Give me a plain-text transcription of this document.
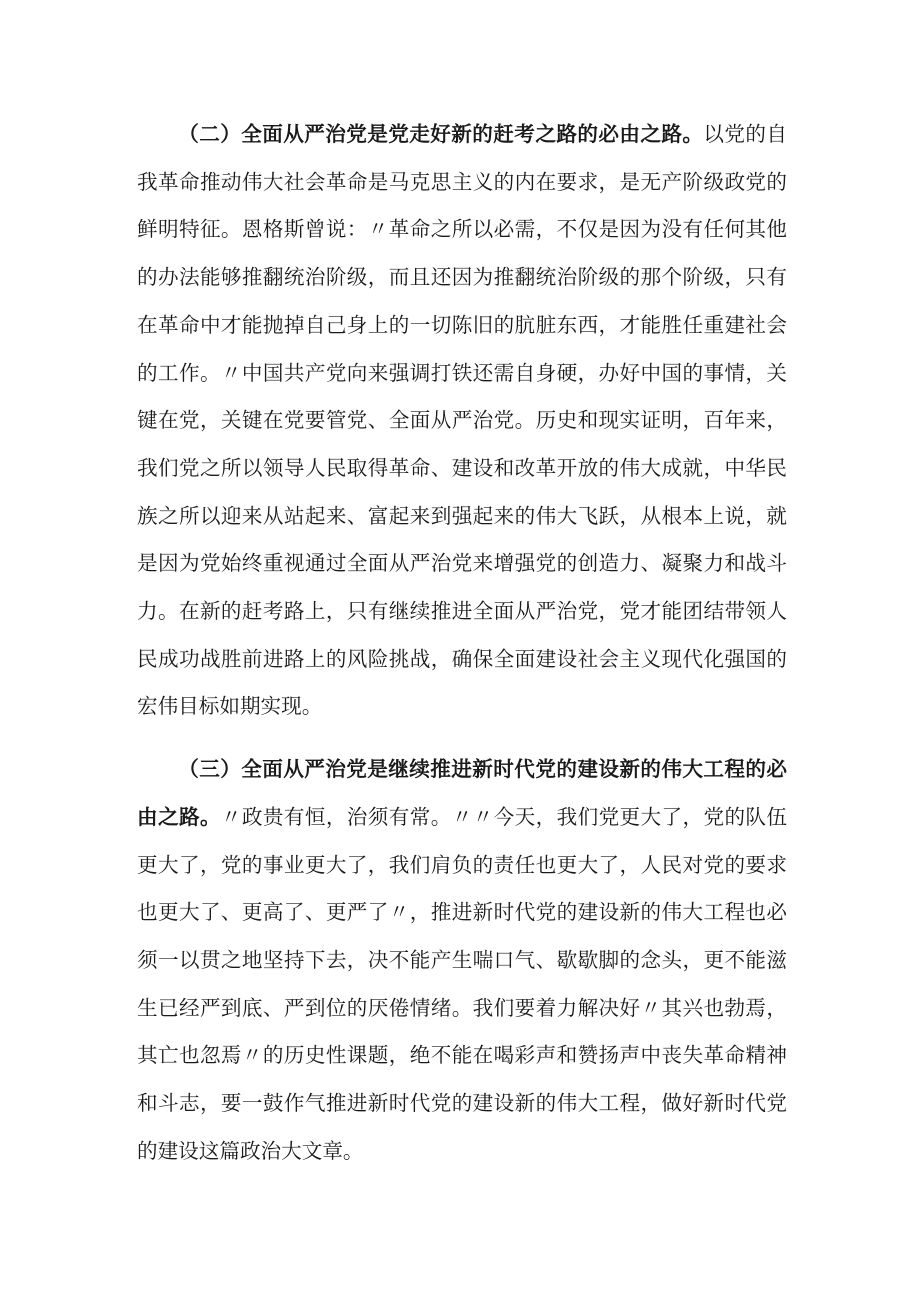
（二）全面从严治党是党走好新的赶考之路的必由之路。以党的自我革命推动伟大社会革命是马克思主义的内在要求，是无产阶级政党的鲜明特征。恩格斯曾说：〃革命之所以必需，不仅是因为没有任何其他的办法能够推翻统治阶级，而且还因为推翻统治阶级的那个阶级，只有在革命中才能抛掉自己身上的一切陈旧的肮脏东西，才能胜任重建社会的工作。〃中国共产党向来强调打铁还需自身硬，办好中国的事情，关键在党，关键在党要管党、全面从严治党。历史和现实证明，百年来，我们党之所以领导人民取得革命、建设和改革开放的伟大成就，中华民族之所以迎来从站起来、富起来到强起来的伟大飞跃，从根本上说，就是因为党始终重视通过全面从严治党来增强党的创造力、凝聚力和战斗力。在新的赶考路上，只有继续推进全面从严治党，党才能团结带领人民成功战胜前进路上的风险挑战，确保全面建设社会主义现代化强国的宏伟目标如期实现。

（三）全面从严治党是继续推进新时代党的建设新的伟大工程的必由之路。〃政贵有恒，治须有常。〃〃今天，我们党更大了，党的队伍更大了，党的事业更大了，我们肩负的责任也更大了，人民对党的要求也更大了、更高了、更严了〃，推进新时代党的建设新的伟大工程也必须一以贯之地坚持下去，决不能产生喘口气、歇歇脚的念头，更不能滋生已经严到底、严到位的厌倦情绪。我们要着力解决好〃其兴也勃焉，其亡也忽焉〃的历史性课题，绝不能在喝彩声和赞扬声中丧失革命精神和斗志，要一鼓作气推进新时代党的建设新的伟大工程，做好新时代党的建设这篇政治大文章。
